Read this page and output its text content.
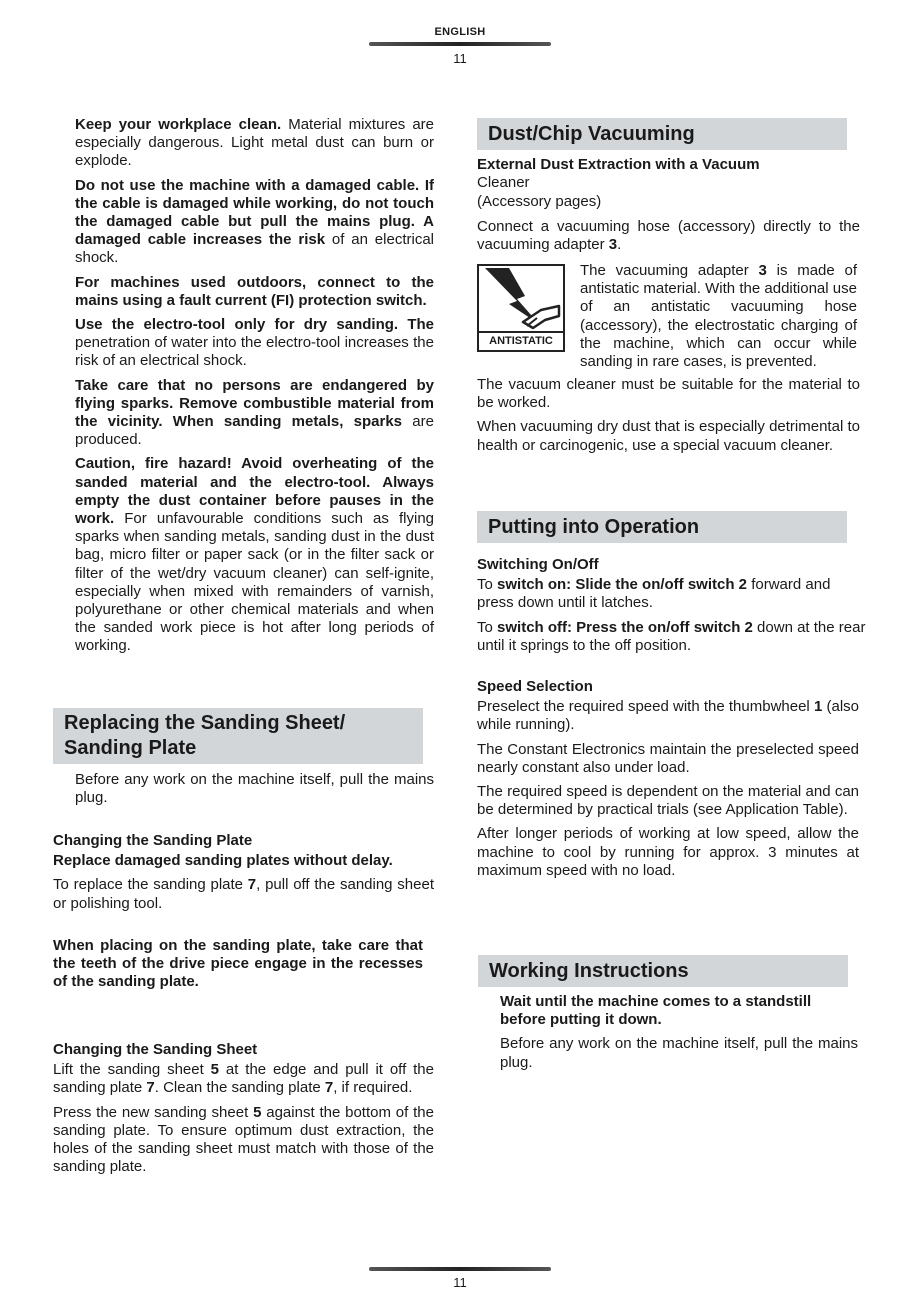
ENGLISH
11

Keep your workplace clean. Material mixtures are especially dangerous. Light metal dust can burn or explode.

Do not use the machine with a damaged cable. If the cable is damaged while working, do not touch the damaged cable but pull the mains plug. A damaged cable increases the risk of an electrical shock.

For machines used outdoors, connect to the mains using a fault current (FI) protection switch.

Use the electro-tool only for dry sanding. The penetration of water into the electro-tool increases the risk of an electrical shock.

Take care that no persons are endangered by flying sparks. Remove combustible material from the vicinity. When sanding metals, sparks are produced.

Caution, fire hazard! Avoid overheating of the sanded material and the electro-tool. Always empty the dust container before pauses in the work. For unfavourable conditions such as flying sparks when sanding metals, sanding dust in the dust bag, micro filter or paper sack (or in the filter sack or filter of the wet/dry vacuum cleaner) can self-ignite, especially when mixed with remainders of varnish, polyurethane or other chemical materials and when the sanded work piece is hot after long periods of working.

Replacing the Sanding Sheet/
Sanding Plate

Before any work on the machine itself, pull the mains plug.

Changing the Sanding Plate

Replace damaged sanding plates without delay.

To replace the sanding plate 7, pull off the sanding sheet or polishing tool.

When placing on the sanding plate, take care that the teeth of the drive piece engage in the recesses of the sanding plate.

Changing the Sanding Sheet

Lift the sanding sheet 5 at the edge and pull it off the sanding plate 7. Clean the sanding plate 7, if required.

Press the new sanding sheet 5 against the bottom of the sanding plate. To ensure optimum dust extraction, the holes of the sanding sheet must match with those of the sanding plate.

Dust/Chip Vacuuming

External Dust Extraction with a Vacuum
Cleaner

(Accessory pages)

Connect a vacuuming hose (accessory) directly to the vacuuming adapter 3.

ANTISTATIC

The vacuuming adapter 3 is made of antistatic material. With the additional use of an antistatic vacuuming hose (accessory), the electrostatic charging of the machine, which can occur while sanding in rare cases, is prevented.

The vacuum cleaner must be suitable for the material to be worked.

When vacuuming dry dust that is especially detrimental to health or carcinogenic, use a special vacuum cleaner.

Putting into Operation

Switching On/Off

To switch on: Slide the on/off switch 2 forward and press down until it latches.

To switch off: Press the on/off switch 2 down at the rear until it springs to the off position.

Speed Selection

Preselect the required speed with the thumbwheel 1 (also while running).

The Constant Electronics maintain the preselected speed nearly constant also under load.

The required speed is dependent on the material and can be determined by practical trials (see Application Table).

After longer periods of working at low speed, allow the machine to cool by running for approx. 3 minutes at maximum speed with no load.

Working Instructions

Wait until the machine comes to a standstill before putting it down.

Before any work on the machine itself, pull the mains plug.

11
